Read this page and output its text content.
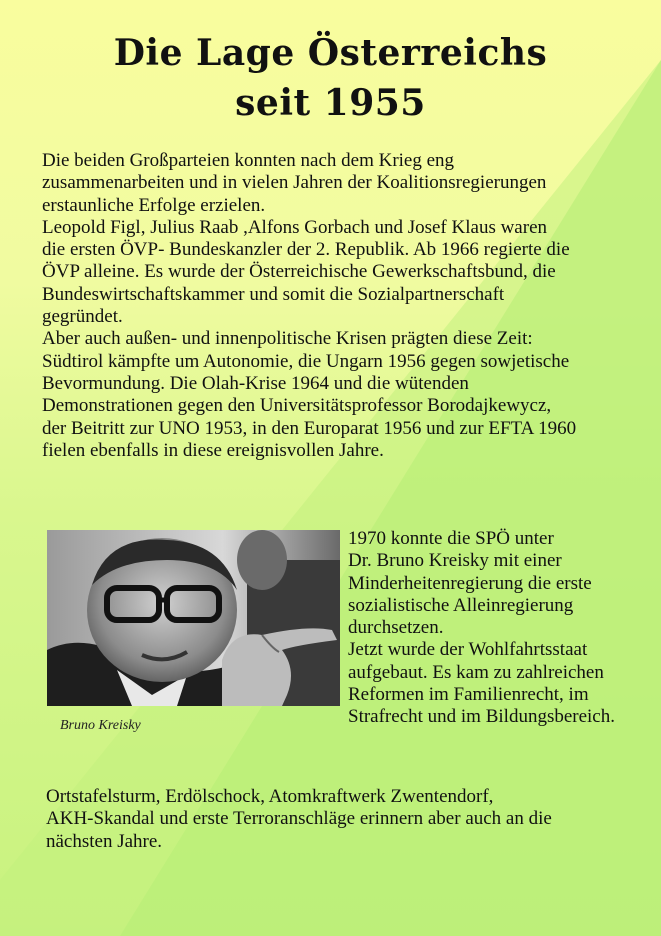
Die Lage Österreichs
seit 1955
Die beiden Großparteien konnten nach dem Krieg eng
zusammenarbeiten und in vielen Jahren der Koalitionsregierungen
erstaunliche Erfolge erzielen.
Leopold Figl, Julius Raab ,Alfons Gorbach und Josef Klaus waren
die ersten ÖVP- Bundeskanzler der 2. Republik. Ab 1966 regierte die
ÖVP alleine. Es wurde der Österreichische Gewerkschaftsbund, die
Bundeswirtschaftskammer und somit die Sozialpartnerschaft
gegründet.
Aber auch außen- und innenpolitische Krisen prägten diese Zeit:
Südtirol kämpfte um Autonomie, die Ungarn 1956 gegen sowjetische
Bevormundung. Die Olah-Krise 1964 und die wütenden
Demonstrationen gegen den Universitätsprofessor Borodajkewycz,
der Beitritt zur UNO 1953, in den Europarat 1956 und zur EFTA 1960
fielen ebenfalls in diese ereignisvollen Jahre.
Bruno Kreisky
1970 konnte die SPÖ unter
Dr. Bruno Kreisky mit einer
Minderheitenregierung die erste
sozialistische Alleinregierung
durchsetzen.
Jetzt wurde der Wohlfahrtsstaat
aufgebaut. Es kam zu zahlreichen
Reformen im Familienrecht, im
Strafrecht und im Bildungsbereich.
Ortstafelsturm, Erdölschock, Atomkraftwerk Zwentendorf,
AKH-Skandal und erste Terroranschläge erinnern aber auch an die
nächsten Jahre.
